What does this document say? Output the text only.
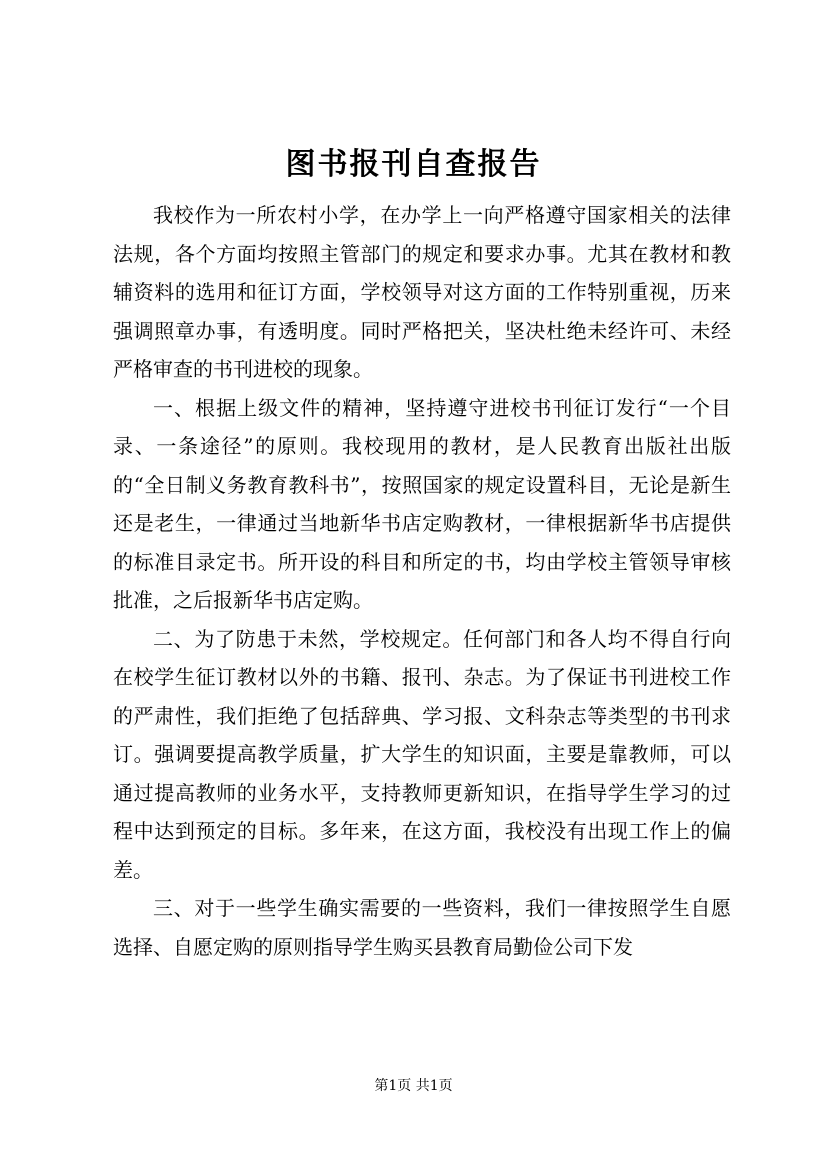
图书报刊自查报告

我校作为一所农村小学，在办学上一向严格遵守国家相关的法律法规，各个方面均按照主管部门的规定和要求办事。尤其在教材和教辅资料的选用和征订方面，学校领导对这方面的工作特别重视，历来强调照章办事，有透明度。同时严格把关，坚决杜绝未经许可、未经严格审查的书刊进校的现象。

一、根据上级文件的精神，坚持遵守进校书刊征订发行“一个目录、一条途径”的原则。我校现用的教材，是人民教育出版社出版的“全日制义务教育教科书”，按照国家的规定设置科目，无论是新生还是老生，一律通过当地新华书店定购教材，一律根据新华书店提供的标准目录定书。所开设的科目和所定的书，均由学校主管领导审核批准，之后报新华书店定购。

二、为了防患于未然，学校规定。任何部门和各人均不得自行向在校学生征订教材以外的书籍、报刊、杂志。为了保证书刊进校工作的严肃性，我们拒绝了包括辞典、学习报、文科杂志等类型的书刊求订。强调要提高教学质量，扩大学生的知识面，主要是靠教师，可以通过提高教师的业务水平，支持教师更新知识，在指导学生学习的过程中达到预定的目标。多年来，在这方面，我校没有出现工作上的偏差。

三、对于一些学生确实需要的一些资料，我们一律按照学生自愿选择、自愿定购的原则指导学生购买县教育局勤俭公司下发

第1页 共1页
